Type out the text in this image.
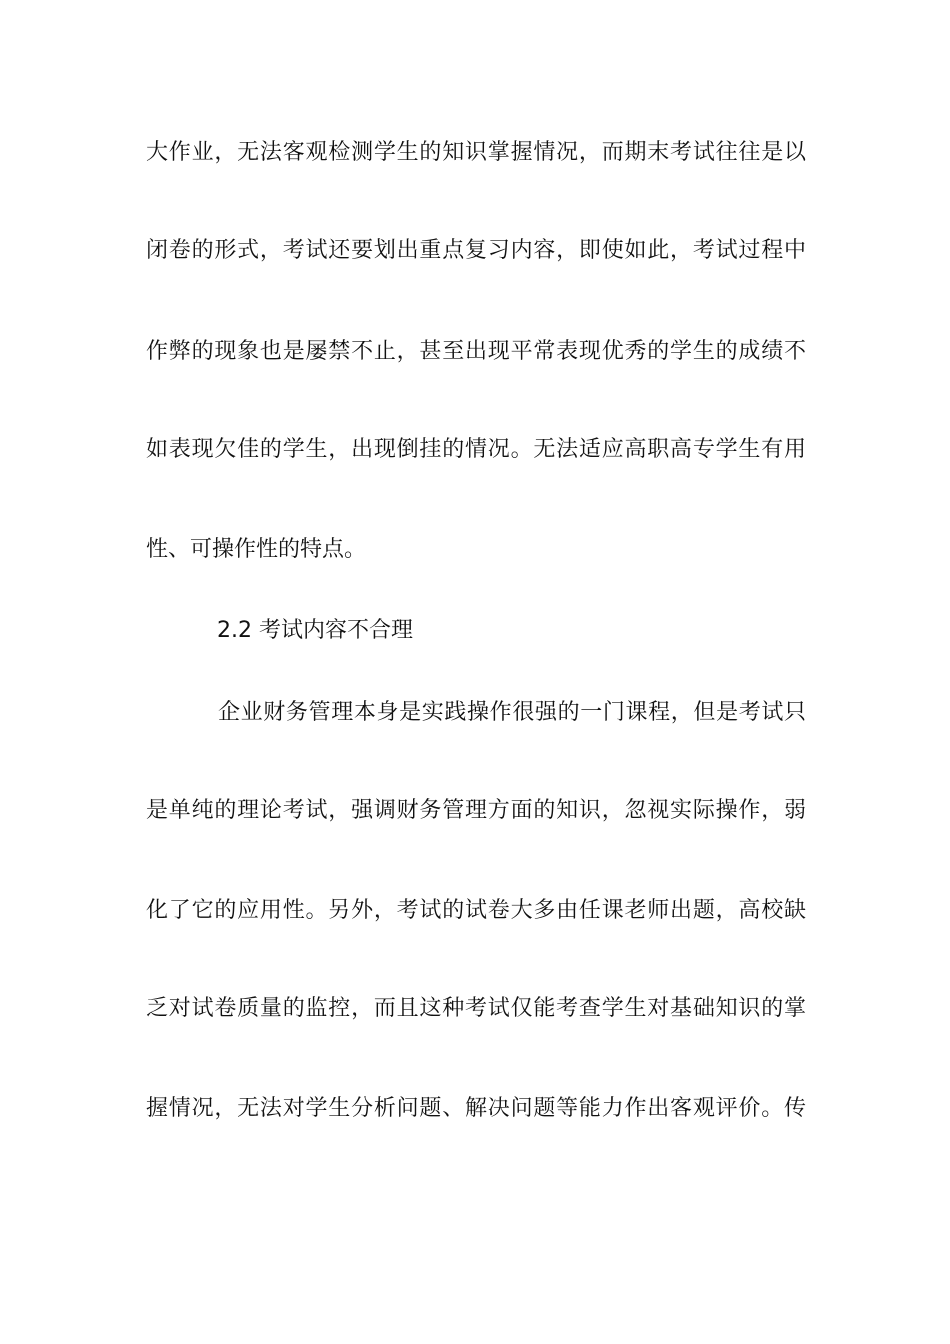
大作业，无法客观检测学生的知识掌握情况，而期末考试往往是以
闭卷的形式，考试还要划出重点复习内容，即使如此，考试过程中
作弊的现象也是屡禁不止，甚至出现平常表现优秀的学生的成绩不
如表现欠佳的学生，出现倒挂的情况。无法适应高职高专学生有用
性、可操作性的特点。
2.2 考试内容不合理
企业财务管理本身是实践操作很强的一门课程，但是考试只
是单纯的理论考试，强调财务管理方面的知识，忽视实际操作，弱
化了它的应用性。另外，考试的试卷大多由任课老师出题，高校缺
乏对试卷质量的监控，而且这种考试仅能考查学生对基础知识的掌
握情况，无法对学生分析问题、解决问题等能力作出客观评价。传
